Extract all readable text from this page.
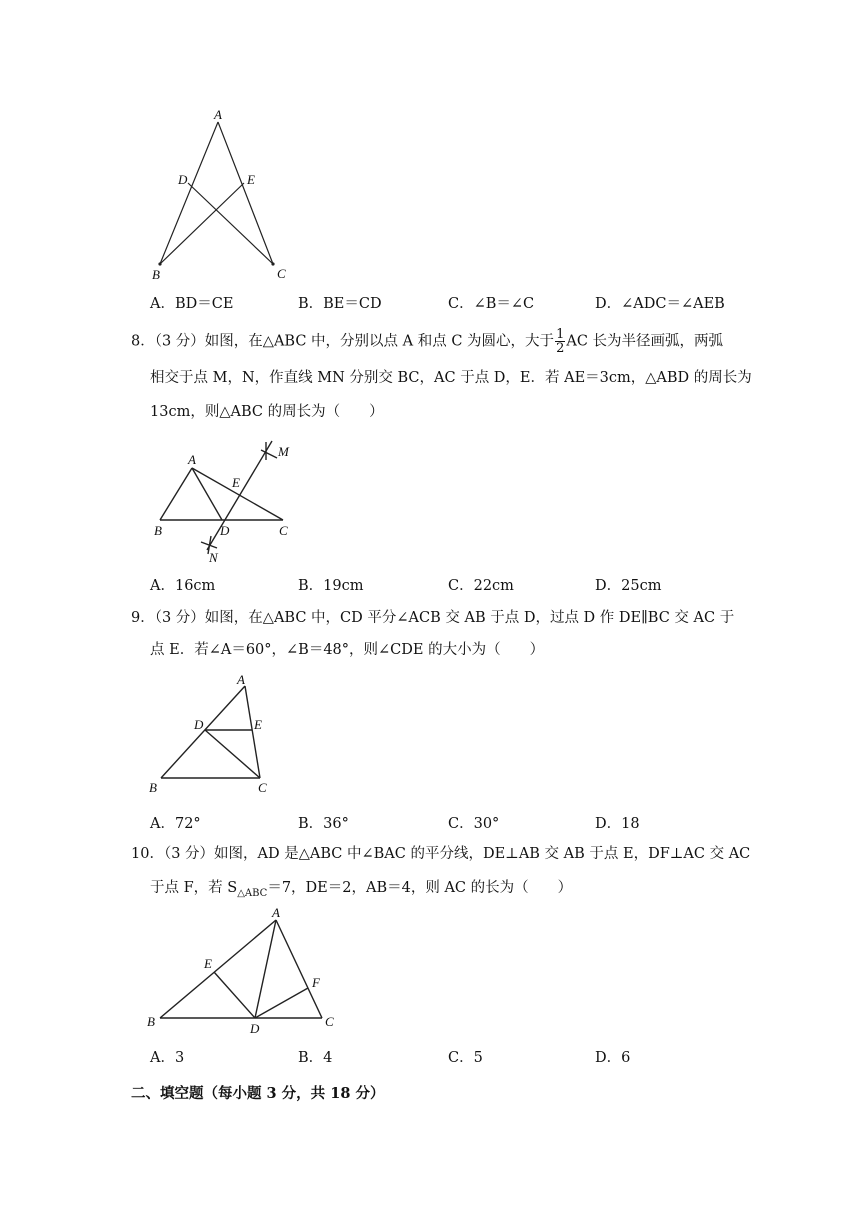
A
D	E
B	C
A．BD＝CE	B．BE＝CD	C．∠B＝∠C	D．∠ADC＝∠AEB
8．（3 分）如图，在△ABC 中，分别以点 A 和点 C 为圆心，大于 $\frac{1}{2}$ AC 长为半径画弧，两弧
相交于点 M，N，作直线 MN 分别交 BC，AC 于点 D，E．若 AE＝3cm，△ABD 的周长为
13cm，则△ABC 的周长为（　　）
A
E
M
B	D	C
N
A．16cm	B．19cm	C．22cm	D．25cm
9．（3 分）如图，在△ABC 中，CD 平分∠ACB 交 AB 于点 D，过点 D 作 DE∥BC 交 AC 于
点 E．若∠A＝60°，∠B＝48°，则∠CDE 的大小为（　　）
A
D	E
B	C
A．72°	B．36°	C．30°	D．18
10．（3 分）如图，AD 是△ABC 中∠BAC 的平分线，DE⊥AB 交 AB 于点 E，DF⊥AC 交 AC
于点 F，若 $S_{\triangle ABC}=7$，DE＝2，AB＝4，则 AC 的长为（　　）
A
E
F
B	D	C
A．3	B．4	C．5	D．6
二、填空题（每小题 3 分，共 18 分）
